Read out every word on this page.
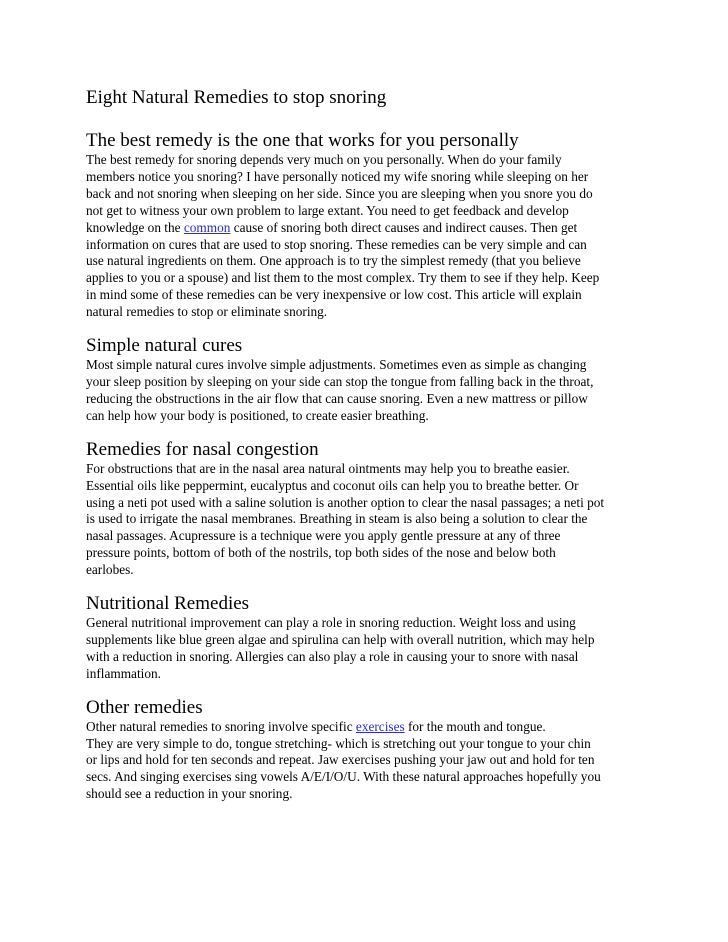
Eight Natural Remedies to stop snoring
The best remedy is the one that works for you personally

The best remedy for snoring depends very much on you personally. When do your family
members notice you snoring? I have personally noticed my wife snoring while sleeping on her
back and not snoring when sleeping on her side. Since you are sleeping when you snore you do
not get to witness your own problem to large extant. You need to get feedback and develop
knowledge on the common cause of snoring both direct causes and indirect causes. Then get
information on cures that are used to stop snoring. These remedies can be very simple and can
use natural ingredients on them. One approach is to try the simplest remedy (that you believe
applies to you or a spouse) and list them to the most complex. Try them to see if they help. Keep
in mind some of these remedies can be very inexpensive or low cost. This article will explain
natural remedies to stop or eliminate snoring.

Simple natural cures

Most simple natural cures involve simple adjustments. Sometimes even as simple as changing
your sleep position by sleeping on your side can stop the tongue from falling back in the throat,
reducing the obstructions in the air flow that can cause snoring. Even a new mattress or pillow
can help how your body is positioned, to create easier breathing.

Remedies for nasal congestion

For obstructions that are in the nasal area natural ointments may help you to breathe easier.
Essential oils like peppermint, eucalyptus and coconut oils can help you to breathe better. Or
using a neti pot used with a saline solution is another option to clear the nasal passages; a neti pot
is used to irrigate the nasal membranes. Breathing in steam is also being a solution to clear the
nasal passages. Acupressure is a technique were you apply gentle pressure at any of three
pressure points, bottom of both of the nostrils, top both sides of the nose and below both
earlobes.

Nutritional Remedies

General nutritional improvement can play a role in snoring reduction. Weight loss and using
supplements like blue green algae and spirulina can help with overall nutrition, which may help
with a reduction in snoring. Allergies can also play a role in causing your to snore with nasal
inflammation.

Other remedies

Other natural remedies to snoring involve specific exercises for the mouth and tongue.
They are very simple to do, tongue stretching- which is stretching out your tongue to your chin
or lips and hold for ten seconds and repeat. Jaw exercises pushing your jaw out and hold for ten
secs. And singing exercises sing vowels A/E/I/O/U. With these natural approaches hopefully you
should see a reduction in your snoring.
